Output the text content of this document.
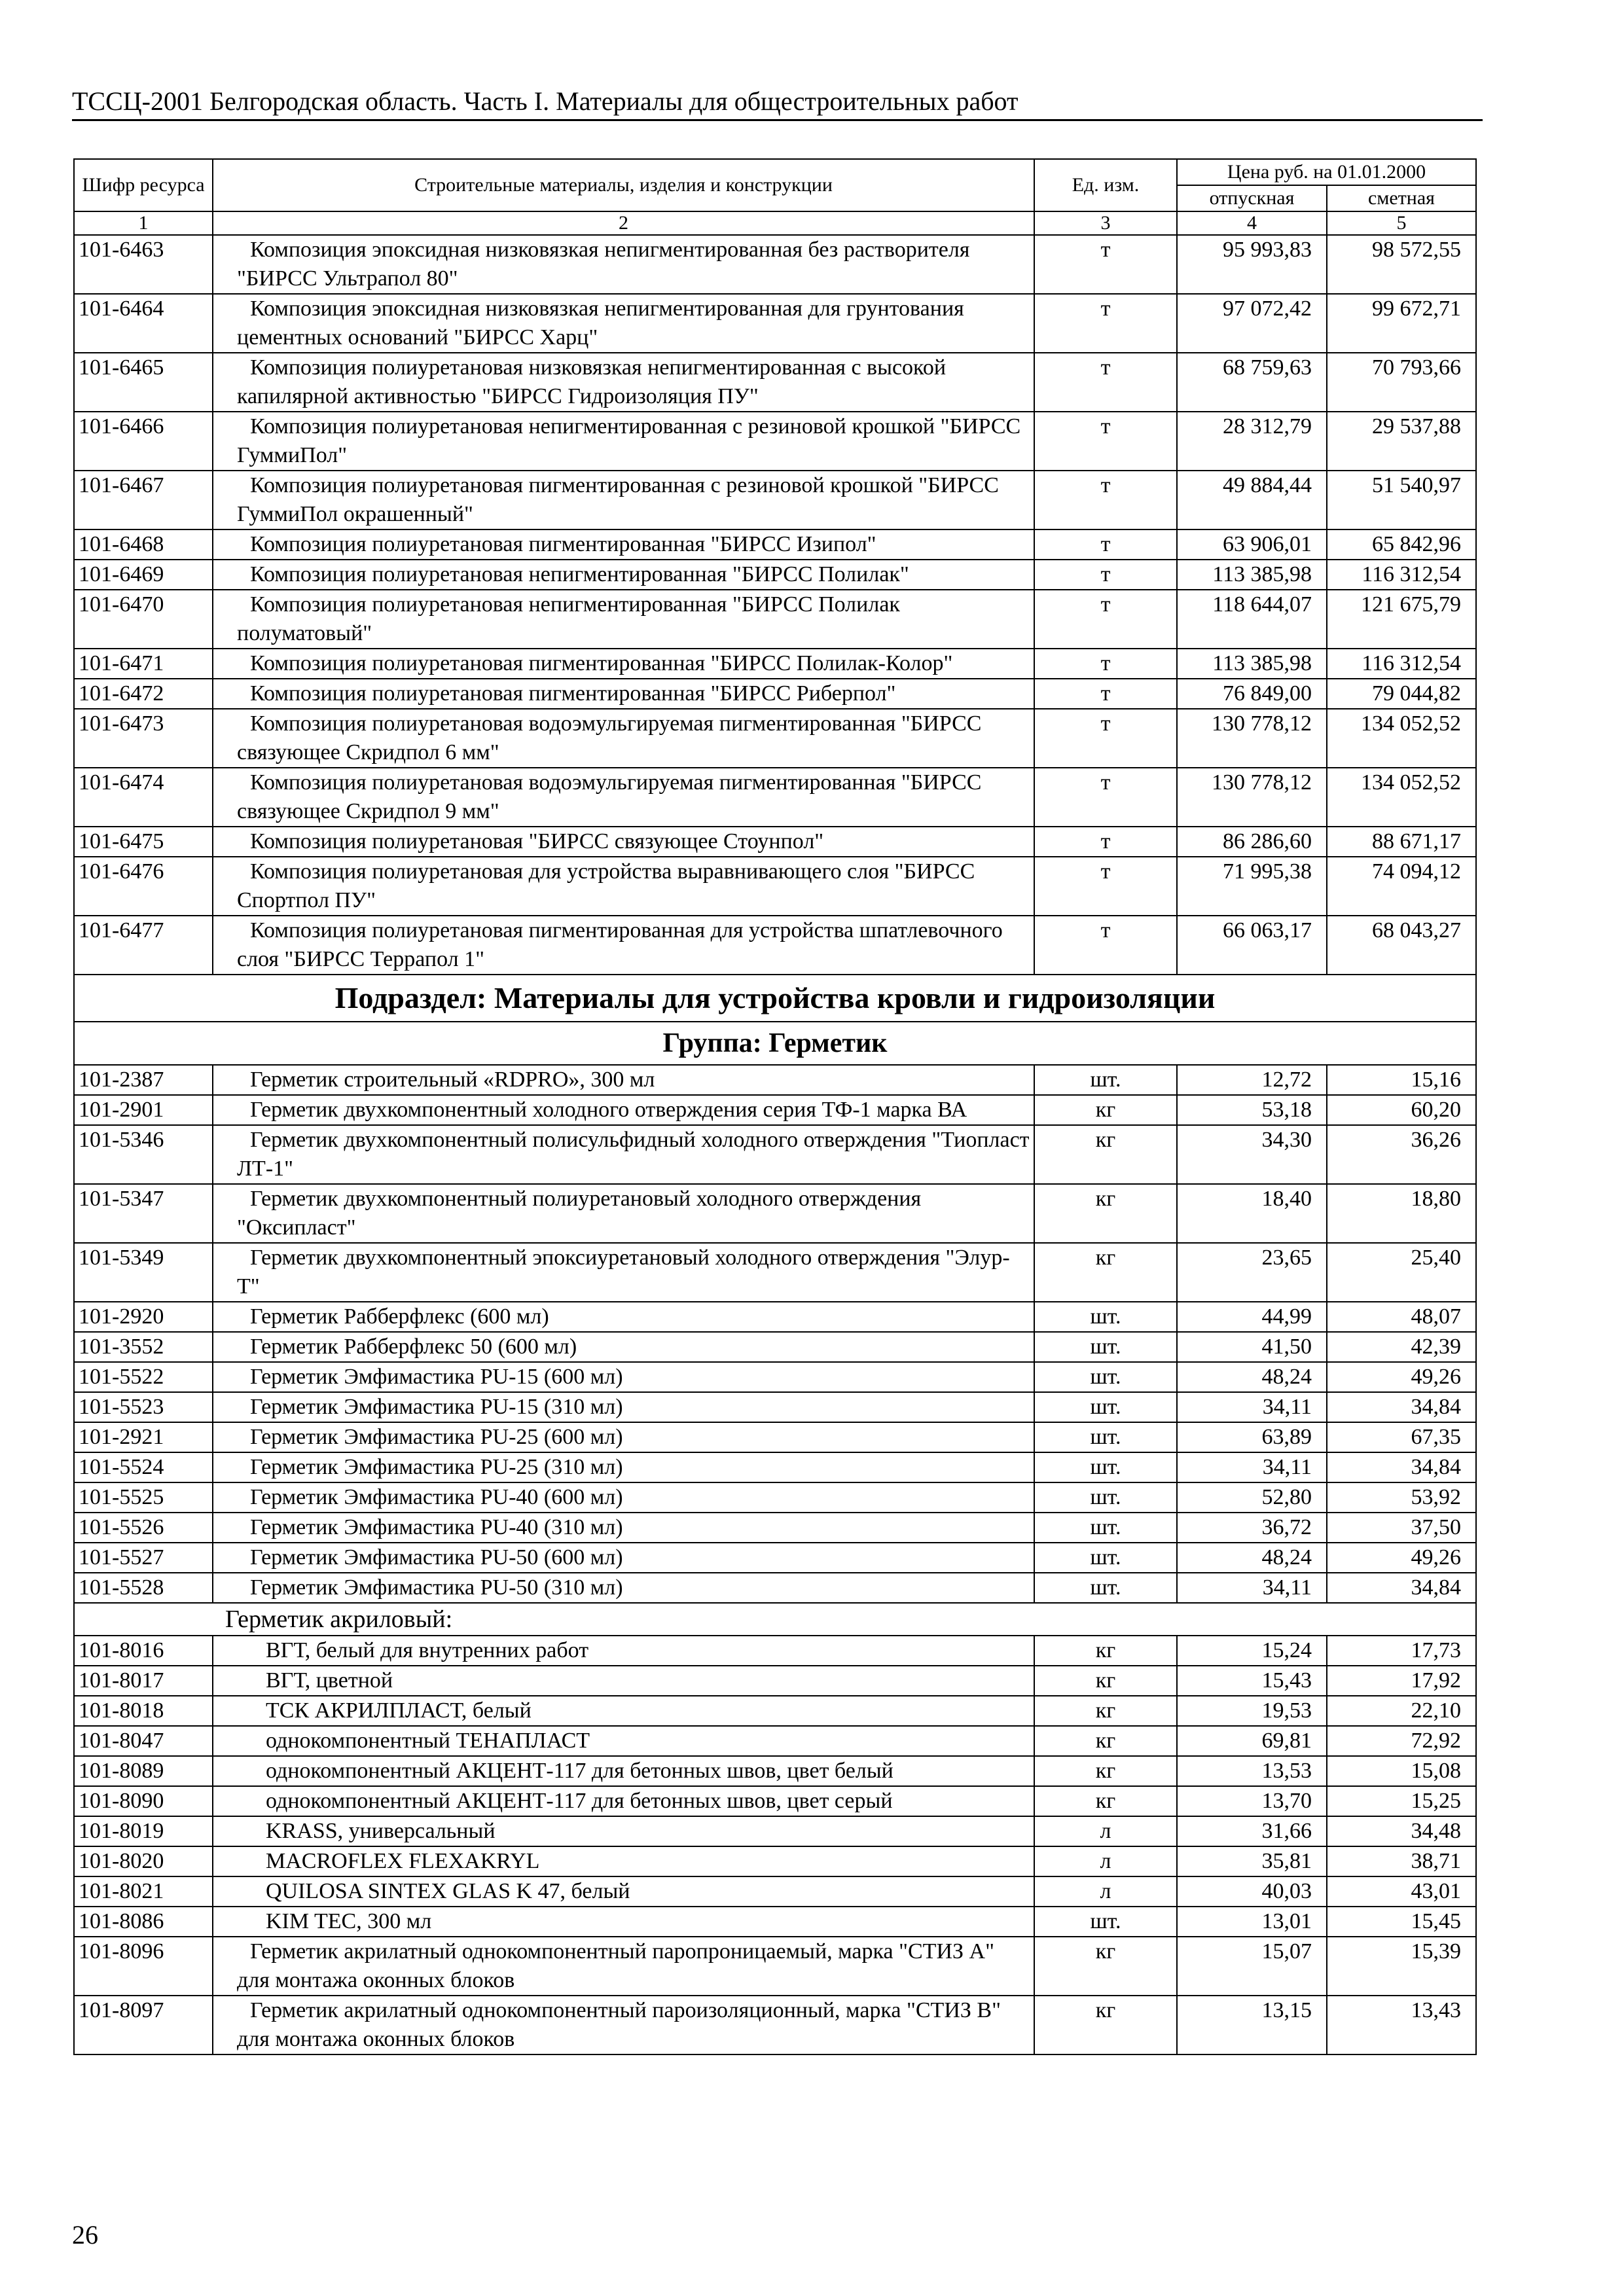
ТССЦ-2001 Белгородская область. Часть I. Материалы для общестроительных работ
Шифр ресурса	Строительные материалы, изделия и конструкции	Ед. изм.	Цена руб. на 01.01.2000	
			отпускная	сметная
1	2	3	4	5
101-6463	Композиция эпоксидная низковязкая непигментированная без растворителя "БИРСС Ультрапол 80"	т	95 993,83	98 572,55
101-6464	Композиция эпоксидная низковязкая непигментированная для грунтования цементных оснований "БИРСС Харц"	т	97 072,42	99 672,71
101-6465	Композиция полиуретановая низковязкая непигментированная с высокой капилярной активностью "БИРСС Гидроизоляция ПУ"	т	68 759,63	70 793,66
101-6466	Композиция полиуретановая непигментированная с резиновой крошкой "БИРСС ГуммиПол"	т	28 312,79	29 537,88
101-6467	Композиция полиуретановая пигментированная с резиновой крошкой "БИРСС ГуммиПол окрашенный"	т	49 884,44	51 540,97
101-6468	Композиция полиуретановая пигментированная "БИРСС Изипол"	т	63 906,01	65 842,96
101-6469	Композиция полиуретановая непигментированная "БИРСС Полилак"	т	113 385,98	116 312,54
101-6470	Композиция полиуретановая непигментированная "БИРСС Полилак полуматовый"	т	118 644,07	121 675,79
101-6471	Композиция полиуретановая пигментированная "БИРСС Полилак-Колор"	т	113 385,98	116 312,54
101-6472	Композиция полиуретановая пигментированная "БИРСС Риберпол"	т	76 849,00	79 044,82
101-6473	Композиция полиуретановая водоэмульгируемая пигментированная "БИРСС связующее Скридпол 6 мм"	т	130 778,12	134 052,52
101-6474	Композиция полиуретановая водоэмульгируемая пигментированная "БИРСС связующее Скридпол 9 мм"	т	130 778,12	134 052,52
101-6475	Композиция полиуретановая "БИРСС связующее Стоунпол"	т	86 286,60	88 671,17
101-6476	Композиция полиуретановая для устройства выравнивающего слоя "БИРСС Спортпол ПУ"	т	71 995,38	74 094,12
101-6477	Композиция полиуретановая пигментированная для устройства шпатлевочного слоя "БИРСС Террапол 1"	т	66 063,17	68 043,27
Подраздел: Материалы для устройства кровли и гидроизоляции				
Группа: Герметик				
101-2387	Герметик строительный «RDPRO», 300 мл	шт.	12,72	15,16
101-2901	Герметик двухкомпонентный холодного отверждения серия ТФ-1 марка ВА	кг	53,18	60,20
101-5346	Герметик двухкомпонентный полисульфидный холодного отверждения "Тиопласт ЛТ-1"	кг	34,30	36,26
101-5347	Герметик двухкомпонентный полиуретановый холодного отверждения "Оксипласт"	кг	18,40	18,80
101-5349	Герметик двухкомпонентный эпоксиуретановый холодного отверждения "Элур-Т"	кг	23,65	25,40
101-2920	Герметик Рабберфлекс (600 мл)	шт.	44,99	48,07
101-3552	Герметик Рабберфлекс 50 (600 мл)	шт.	41,50	42,39
101-5522	Герметик Эмфимастика PU-15 (600 мл)	шт.	48,24	49,26
101-5523	Герметик Эмфимастика PU-15 (310 мл)	шт.	34,11	34,84
101-2921	Герметик Эмфимастика PU-25 (600 мл)	шт.	63,89	67,35
101-5524	Герметик Эмфимастика PU-25 (310 мл)	шт.	34,11	34,84
101-5525	Герметик Эмфимастика PU-40 (600 мл)	шт.	52,80	53,92
101-5526	Герметик Эмфимастика PU-40 (310 мл)	шт.	36,72	37,50
101-5527	Герметик Эмфимастика PU-50 (600 мл)	шт.	48,24	49,26
101-5528	Герметик Эмфимастика PU-50 (310 мл)	шт.	34,11	34,84
Герметик акриловый:				
101-8016	ВГТ, белый для внутренних работ	кг	15,24	17,73
101-8017	ВГТ, цветной	кг	15,43	17,92
101-8018	ТСК АКРИЛПЛАСТ, белый	кг	19,53	22,10
101-8047	однокомпонентный ТЕНАПЛАСТ	кг	69,81	72,92
101-8089	однокомпонентный АКЦЕНТ-117 для бетонных швов, цвет белый	кг	13,53	15,08
101-8090	однокомпонентный АКЦЕНТ-117 для бетонных швов, цвет серый	кг	13,70	15,25
101-8019	KRASS, универсальный	л	31,66	34,48
101-8020	MACROFLEX FLEXAKRYL	л	35,81	38,71
101-8021	QUILOSA SINTEX GLAS K 47, белый	л	40,03	43,01
101-8086	KIM TEC, 300 мл	шт.	13,01	15,45
101-8096	Герметик акрилатный однокомпонентный паропроницаемый, марка "СТИЗ А" для монтажа оконных блоков	кг	15,07	15,39
101-8097	Герметик акрилатный однокомпонентный пароизоляционный, марка "СТИЗ В" для монтажа оконных блоков	кг	13,15	13,43
26
